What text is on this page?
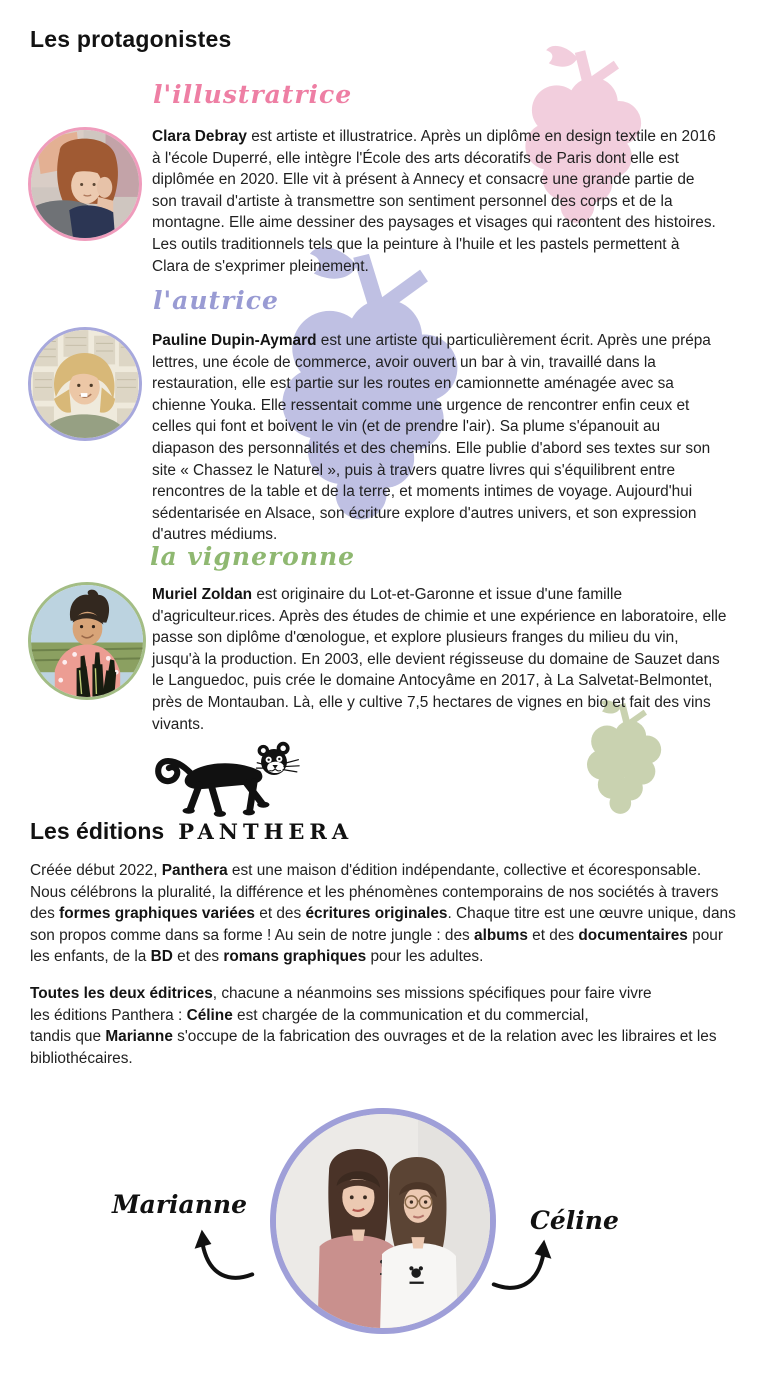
Les protagonistes
l'illustratrice
Clara Debray est artiste et illustratrice. Après un diplôme en design textile en 2016 à l'école Duperré, elle intègre l'École des arts décoratifs de Paris dont elle est diplômée en 2020. Elle vit à présent à Annecy et consacre une grande partie de son travail d'artiste à transmettre son sentiment personnel des corps et de la montagne. Elle aime dessiner des paysages et visages qui racontent des histoires. Les outils traditionnels tels que la peinture à l'huile et les pastels permettent à Clara de s'exprimer pleinement.
l'autrice
Pauline Dupin-Aymard est une artiste qui particulièrement écrit. Après une prépa lettres, une école de commerce, avoir ouvert un bar à vin, travaillé dans la restauration, elle est partie sur les routes en camionnette aménagée avec sa chienne Youka. Elle ressentait comme une urgence de rencontrer enfin ceux et celles qui font et boivent le vin (et de prendre l'air). Sa plume s'épanouit au diapason des personnalités et des chemins. Elle publie d'abord ses textes sur son site « Chassez le Naturel », puis à travers quatre livres qui s'équilibrent entre rencontres de la table et de la terre, et moments intimes de voyage. Aujourd'hui sédentarisée en Alsace, son écriture explore d'autres univers, et son expression d'autres médiums.
la vigneronne
Muriel Zoldan est originaire du Lot-et-Garonne et issue d'une famille d'agriculteur.rices. Après des études de chimie et une expérience en laboratoire, elle passe son diplôme d'œnologue, et explore plusieurs franges du milieu du vin, jusqu'à la production. En 2003, elle devient régisseuse du domaine de Sauzet dans le Languedoc, puis crée le domaine Antocyâme en 2017, à La Salvetat-Belmontet, près de Montauban. Là, elle y cultive 7,5 hectares de vignes en bio et fait des vins vivants.
Les éditions PANTHERA
Créée début 2022, Panthera est une maison d'édition indépendante, collective et écoresponsable. Nous célébrons la pluralité, la différence et les phénomènes contemporains de nos sociétés à travers des formes graphiques variées et des écritures originales. Chaque titre est une œuvre unique, dans son propos comme dans sa forme ! Au sein de notre jungle : des albums et des documentaires pour les enfants, de la BD et des romans graphiques pour les adultes.
Toutes les deux éditrices, chacune a néanmoins ses missions spécifiques pour faire vivre
les éditions Panthera : Céline est chargée de la communication et du commercial,
tandis que Marianne s'occupe de la fabrication des ouvrages et de la relation avec les libraires et les bibliothécaires.
Marianne
Céline
